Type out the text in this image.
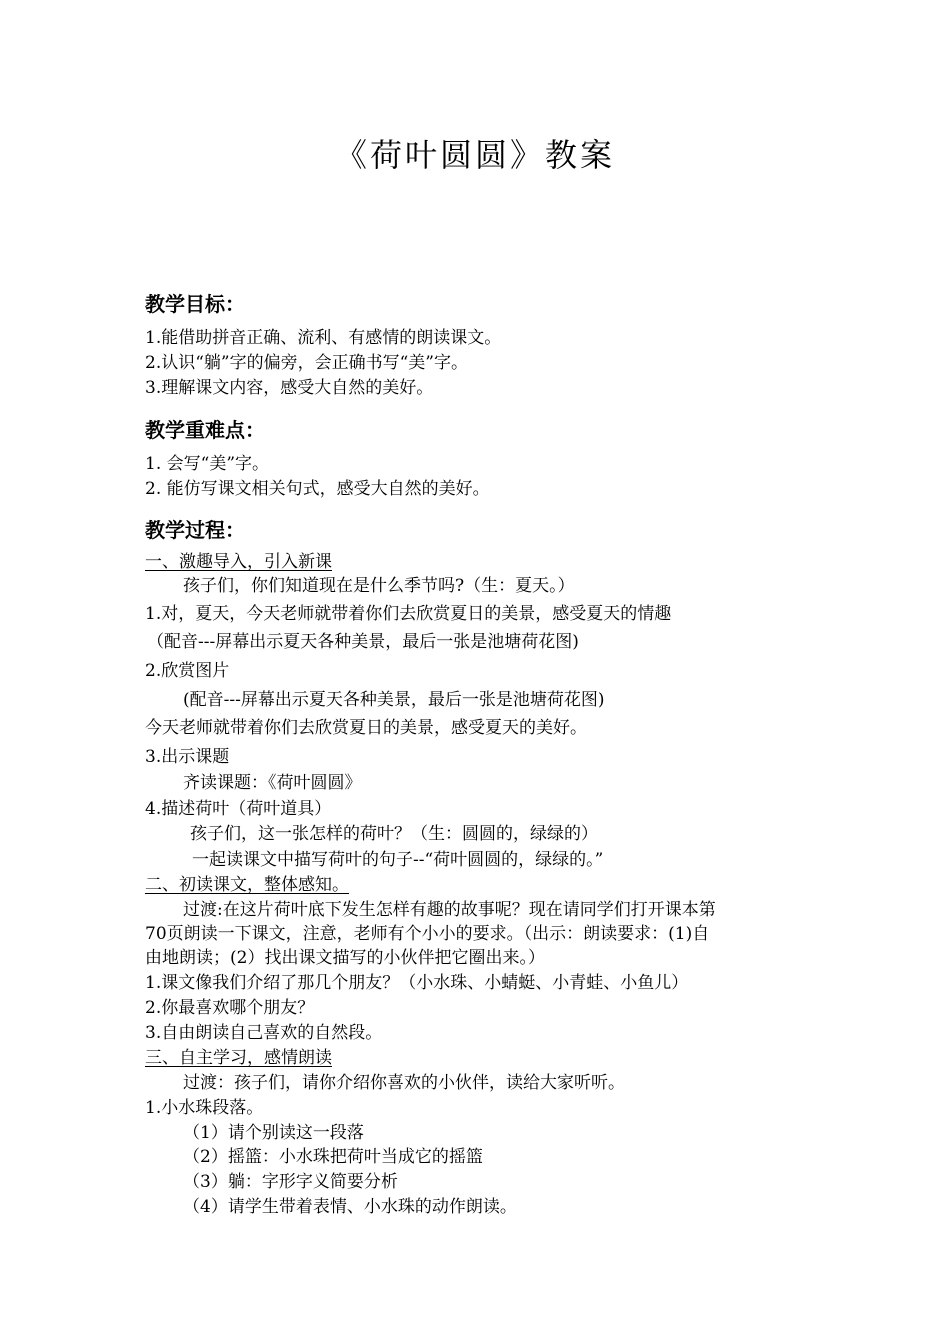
《荷叶圆圆》教案
教学目标：
1.能借助拼音正确、流利、有感情的朗读课文。
2.认识“躺”字的偏旁，会正确书写“美”字。
3.理解课文内容，感受大自然的美好。
教学重难点：
1. 会写“美”字。
2. 能仿写课文相关句式，感受大自然的美好。
教学过程：
一、激趣导入，引入新课
孩子们，你们知道现在是什么季节吗?（生：夏天。）
1.对，夏天，今天老师就带着你们去欣赏夏日的美景，感受夏天的情趣
（配音---屏幕出示夏天各种美景，最后一张是池塘荷花图)
2.欣赏图片
(配音---屏幕出示夏天各种美景，最后一张是池塘荷花图)
今天老师就带着你们去欣赏夏日的美景，感受夏天的美好。
3.出示课题
齐读课题：《荷叶圆圆》
4.描述荷叶（荷叶道具）
孩子们，这一张怎样的荷叶？（生：圆圆的，绿绿的）
一起读课文中描写荷叶的句子--“荷叶圆圆的，绿绿的。”
二、初读课文，整体感知。
过渡:在这片荷叶底下发生怎样有趣的故事呢？现在请同学们打开课本第
70页朗读一下课文，注意，老师有个小小的要求。（出示：朗读要求：(1)自
由地朗读；(2）找出课文描写的小伙伴把它圈出来。）
1.课文像我们介绍了那几个朋友？（小水珠、小蜻蜓、小青蛙、小鱼儿）
2.你最喜欢哪个朋友？
3.自由朗读自己喜欢的自然段。
三、自主学习，感情朗读
过渡：孩子们，请你介绍你喜欢的小伙伴，读给大家听听。
1.小水珠段落。
（1）请个别读这一段落
（2）摇篮：小水珠把荷叶当成它的摇篮
（3）躺：字形字义简要分析
（4）请学生带着表情、小水珠的动作朗读。
